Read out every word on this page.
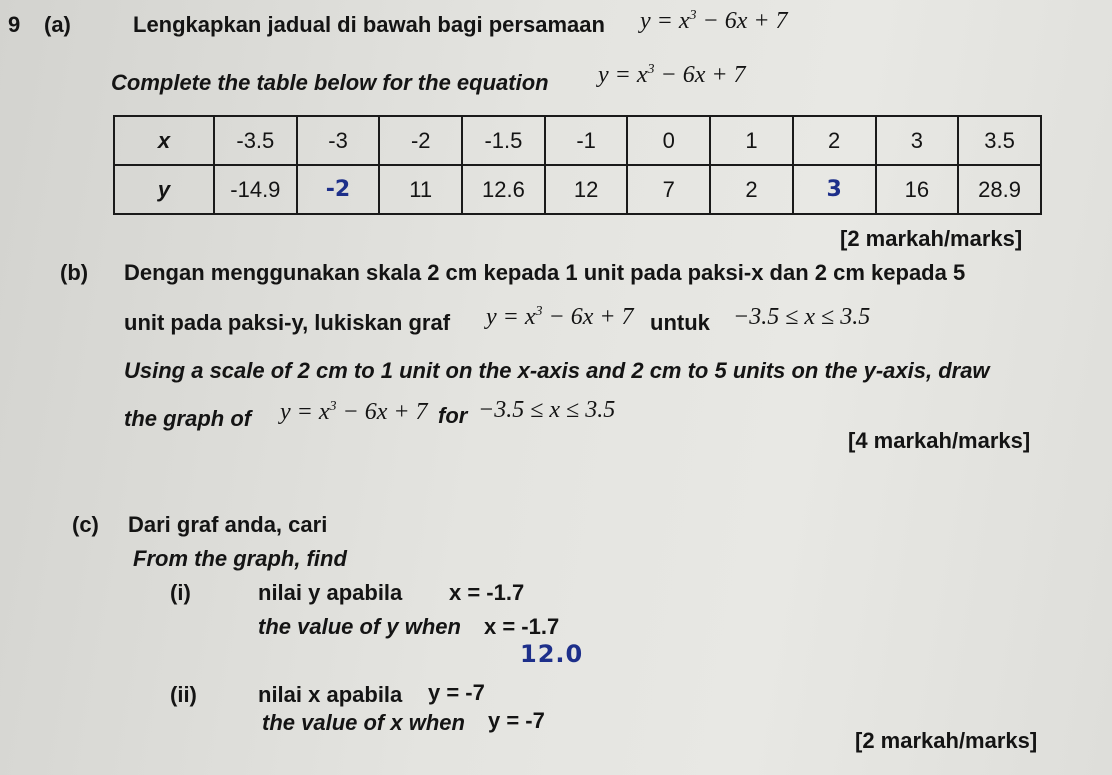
9 (a)	Lengkapkan jadual di bawah bagi persamaan $y = x^3 - 6x + 7$
Complete the table below for the equation $y = x^3 - 6x + 7$
x	-3.5	-3	-2	-1.5	-1	0	1	2	3	3.5
y	-14.9	-2	11	12.6	12	7	2	3	16	28.9
[2 markah/marks]
(b) Dengan menggunakan skala 2 cm kepada 1 unit pada paksi-x dan 2 cm kepada 5
unit pada paksi-y, lukiskan graf $y = x^3 - 6x + 7$ untuk −3.5 ≤ x ≤ 3.5
Using a scale of 2 cm to 1 unit on the x-axis and 2 cm to 5 units on the y-axis, draw
the graph of $y = x^3 - 6x + 7$ for −3.5 ≤ x ≤ 3.5
[4 markah/marks]
(c) Dari graf anda, cari
From the graph, find
(i)	nilai y apabila x = -1.7
the value of y when x = -1.7
12.0
(ii)	nilai x apabila y = -7
the value of x when y = -7
[2 markah/marks]
